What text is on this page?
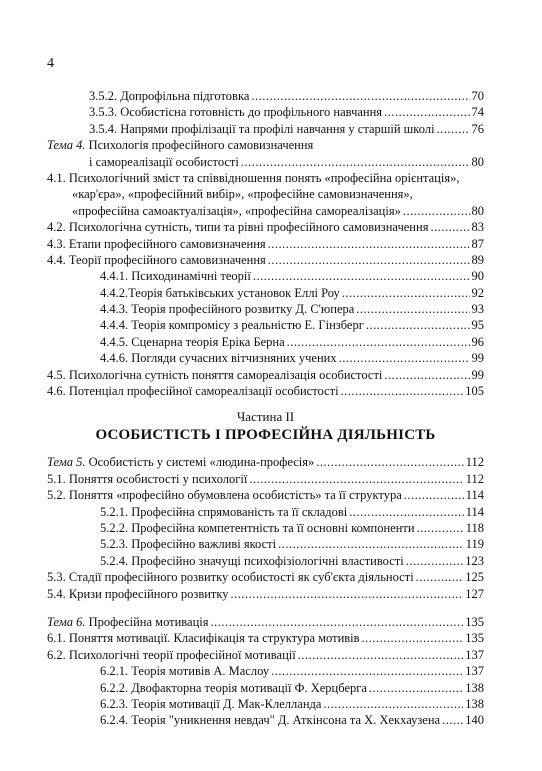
4
3.5.2. Допрофільна підготовка .....	70
3.5.3. Особистісна готовність до профільного навчання .....	74
3.5.4. Напрями профілізації та профілі навчання у старшій школі .....	76
Тема 4. Психологія професійного самовизначення
і самореалізації особистості .....	80
4.1. Психологічний зміст та співвідношення понять «професійна орієнтація»,
«кар'єра», «професійний вибір», «професійне самовизначення»,
«професійна самоактуалізація», «професійна самореалізація» .....	80
4.2. Психологічна сутність, типи та рівні професійного самовизначення .....	83
4.3. Етапи професійного самовизначення .....	87
4.4. Теорії професійного самовизначення .....	89
4.4.1. Психодинамічні теорії .....	90
4.4.2.Теорія батьківських установок Еллі Роу .....	92
4.4.3. Теорія професійного розвитку Д. С'юпера .....	93
4.4.4. Теорія компромісу з реальністю Е. Гінзберг .....	95
4.4.5. Сценарна теорія Еріка Берна .....	96
4.4.6. Погляди сучасних вітчизняних учених .....	99
4.5. Психологічна сутність поняття самореалізація особистості .....	99
4.6. Потенціал професійної самореалізації особистості .....	105
Частина II
ОСОБИСТІСТЬ І ПРОФЕСІЙНА ДІЯЛЬНІСТЬ
Тема 5. Особистість у системі «людина-професія» .....	112
5.1. Поняття особистості у психології .....	112
5.2. Поняття «професійно обумовлена особистість» та її структура .....	114
5.2.1. Професійна спрямованість та її складові .....	114
5.2.2. Професійна компетентність та її основні компоненти .....	118
5.2.3. Професійно важливі якості .....	119
5.2.4. Професійно значущі психофізіологічні властивості .....	123
5.3. Стадії професійного розвитку особистості як суб'єкта діяльності .....	125
5.4. Кризи професійного розвитку .....	127
Тема 6. Професійна мотивація .....	135
6.1. Поняття мотивації. Класифікація та структура мотивів .....	135
6.2. Психологічні теорії професійної мотивації .....	137
6.2.1. Теорія мотивів А. Маслоу .....	137
6.2.2. Двофакторна теорія мотивації Ф. Херцберга .....	138
6.2.3. Теорія мотивації Д. Мак-Клелланда .....	138
6.2.4. Теорія "уникнення невдач" Д. Аткінсона та Х. Хекхаузена ..... 140
